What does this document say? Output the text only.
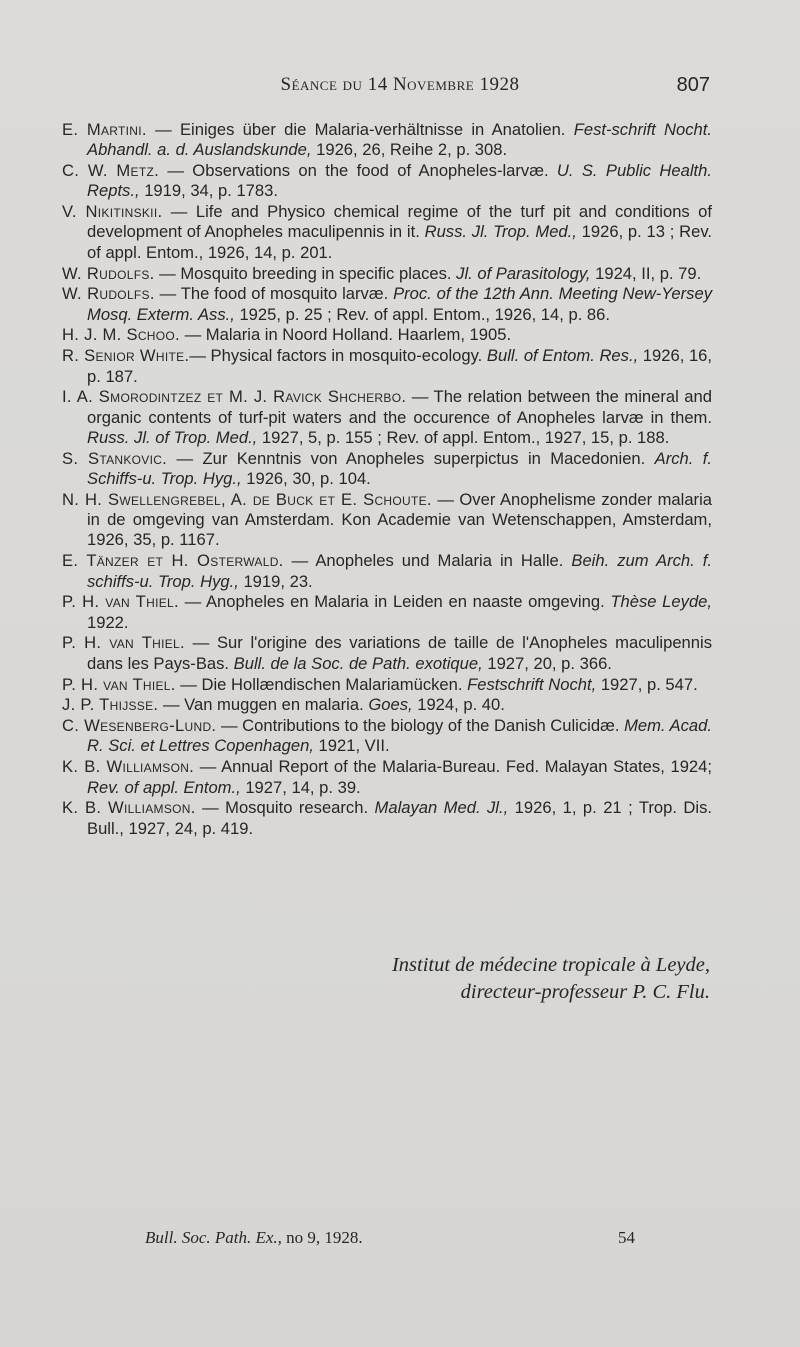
Séance du 14 Novembre 1928	807

E. Martini. — Einiges über die Malaria-verhältnisse in Anatolien. Fest-schrift Nocht. Abhandl. a. d. Auslandskunde, 1926, 26, Reihe 2, p. 308.

C. W. Metz. — Observations on the food of Anopheles-larvæ. U. S. Public Health. Repts., 1919, 34, p. 1783.

V. Nikitinskii. — Life and Physico chemical regime of the turf pit and conditions of development of Anopheles maculipennis in it. Russ. Jl. Trop. Med., 1926, p. 13 ; Rev. of appl. Entom., 1926, 14, p. 201.

W. Rudolfs. — Mosquito breeding in specific places. Jl. of Parasitology, 1924, II, p. 79.

W. Rudolfs. — The food of mosquito larvæ. Proc. of the 12th Ann. Meeting New-Yersey Mosq. Exterm. Ass., 1925, p. 25 ; Rev. of appl. Entom., 1926, 14, p. 86.

H. J. M. Schoo. — Malaria in Noord Holland. Haarlem, 1905.

R. Senior White.— Physical factors in mosquito-ecology. Bull. of Entom. Res., 1926, 16, p. 187.

I. A. Smorodintzez et M. J. Ravick Shcherbo. — The relation between the mineral and organic contents of turf-pit waters and the occurence of Anopheles larvæ in them. Russ. Jl. of Trop. Med., 1927, 5, p. 155 ; Rev. of appl. Entom., 1927, 15, p. 188.

S. Stankovic. — Zur Kenntnis von Anopheles superpictus in Macedonien. Arch. f. Schiffs-u. Trop. Hyg., 1926, 30, p. 104.

N. H. Swellengrebel, A. de Buck et E. Schoute. — Over Anophelisme zonder malaria in de omgeving van Amsterdam. Kon Academie van Wetenschappen, Amsterdam, 1926, 35, p. 1167.

E. Tänzer et H. Osterwald. — Anopheles und Malaria in Halle. Beih. zum Arch. f. schiffs-u. Trop. Hyg., 1919, 23.

P. H. van Thiel. — Anopheles en Malaria in Leiden en naaste omgeving. Thèse Leyde, 1922.

P. H. van Thiel. — Sur l'origine des variations de taille de l'Anopheles maculipennis dans les Pays-Bas. Bull. de la Soc. de Path. exotique, 1927, 20, p. 366.

P. H. van Thiel. — Die Hollændischen Malariamücken. Festschrift Nocht, 1927, p. 547.

J. P. Thijsse. — Van muggen en malaria. Goes, 1924, p. 40.

C. Wesenberg-Lund. — Contributions to the biology of the Danish Culicidæ. Mem. Acad. R. Sci. et Lettres Copenhagen, 1921, VII.

K. B. Williamson. — Annual Report of the Malaria-Bureau. Fed. Malayan States, 1924; Rev. of appl. Entom., 1927, 14, p. 39.

K. B. Williamson. — Mosquito research. Malayan Med. Jl., 1926, 1, p. 21 ; Trop. Dis. Bull., 1927, 24, p. 419.

Institut de médecine tropicale à Leyde,
directeur-professeur P. C. Flu.
Bull. Soc. Path. Ex., no 9, 1928.	54
